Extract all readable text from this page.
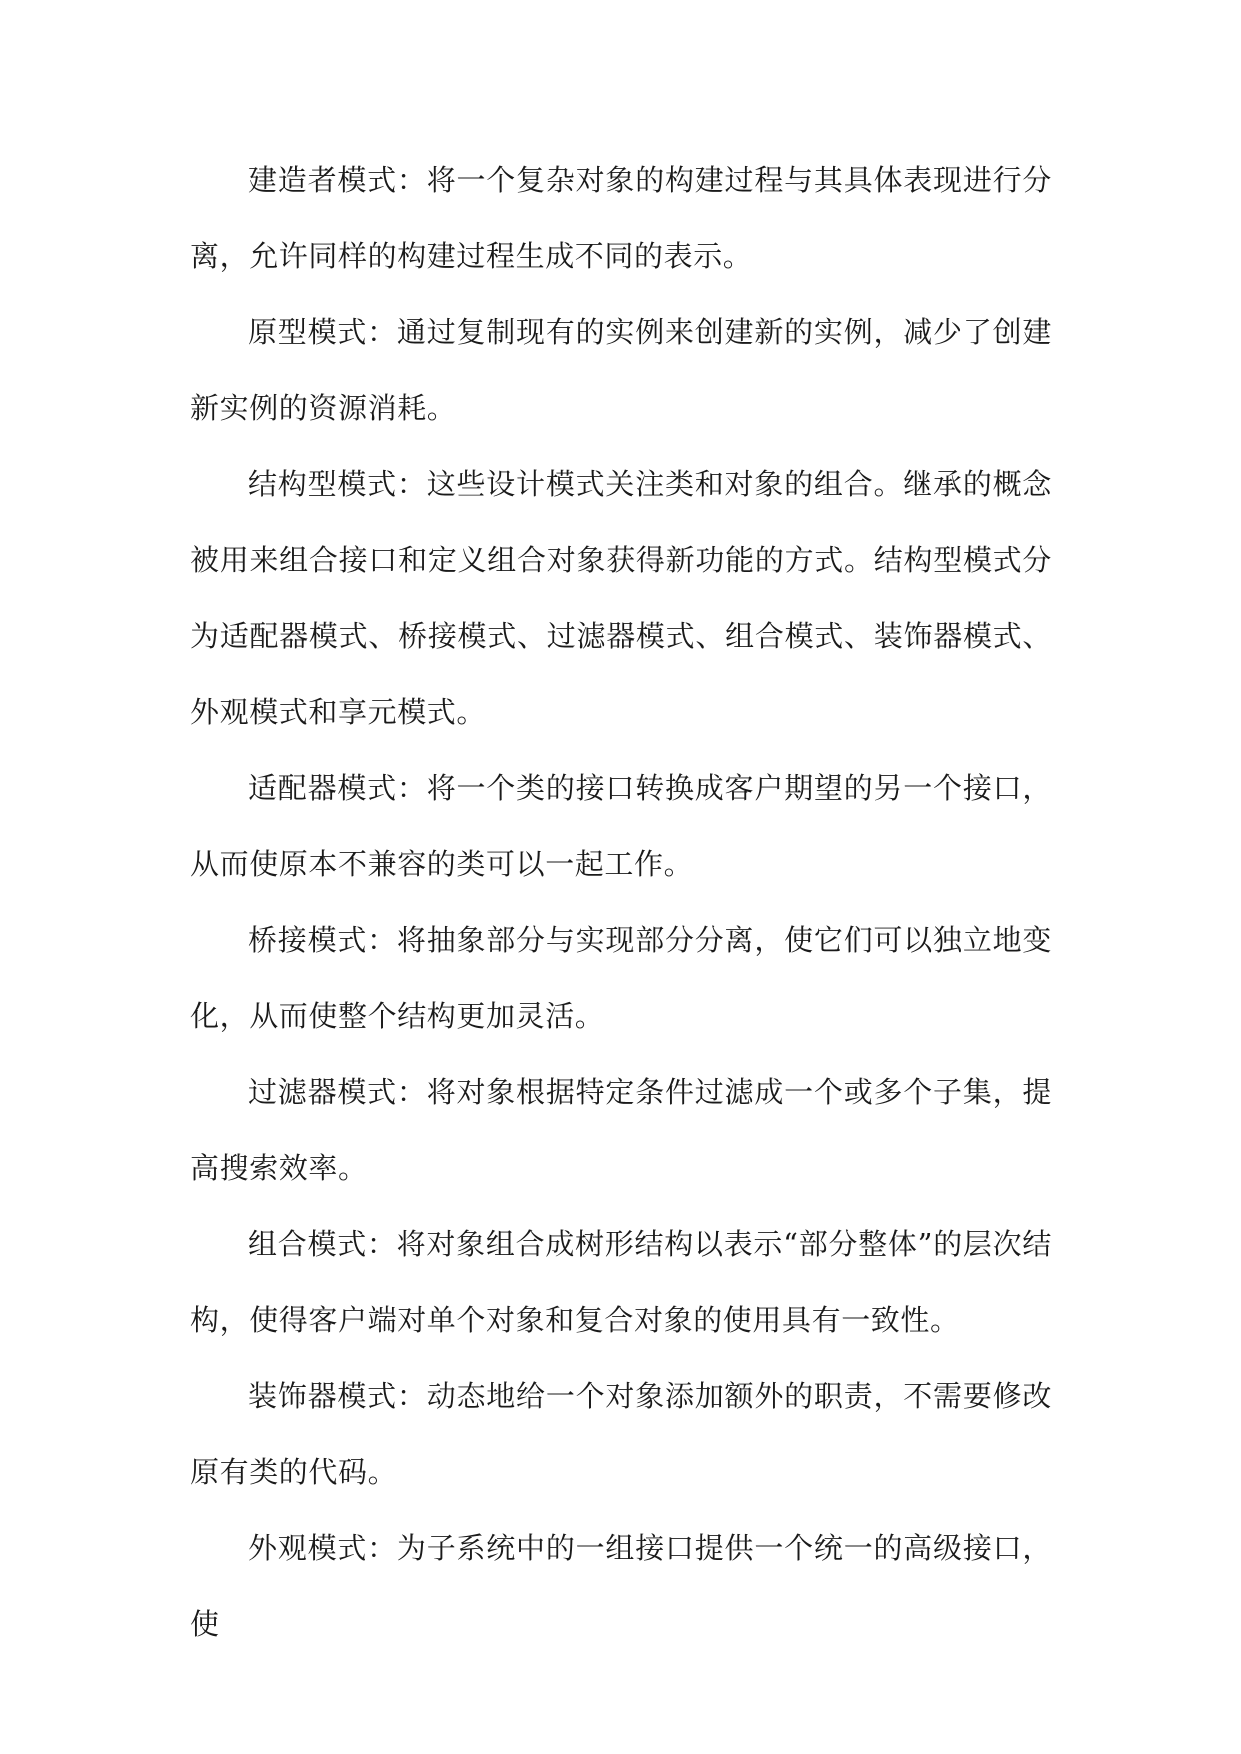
建造者模式：将一个复杂对象的构建过程与其具体表现进行分离，允许同样的构建过程生成不同的表示。

原型模式：通过复制现有的实例来创建新的实例，减少了创建新实例的资源消耗。

结构型模式：这些设计模式关注类和对象的组合。继承的概念被用来组合接口和定义组合对象获得新功能的方式。结构型模式分为适配器模式、桥接模式、过滤器模式、组合模式、装饰器模式、外观模式和享元模式。

适配器模式：将一个类的接口转换成客户期望的另一个接口，从而使原本不兼容的类可以一起工作。

桥接模式：将抽象部分与实现部分分离，使它们可以独立地变化，从而使整个结构更加灵活。

过滤器模式：将对象根据特定条件过滤成一个或多个子集，提高搜索效率。

组合模式：将对象组合成树形结构以表示“部分整体”的层次结构，使得客户端对单个对象和复合对象的使用具有一致性。

装饰器模式：动态地给一个对象添加额外的职责，不需要修改原有类的代码。

外观模式：为子系统中的一组接口提供一个统一的高级接口，使
